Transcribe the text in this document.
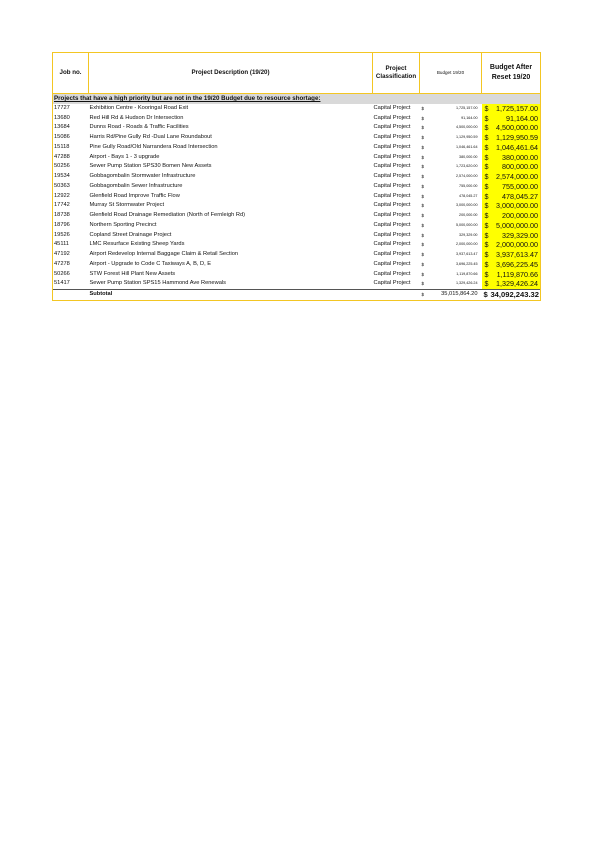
Job no.	Project Description (19/20)	Project Classification	Budget 19/20	Budget After Reset 19/20
Projects that have a high priority but are not in the 19/20 Budget due to resource shortage:				
17727	Exhibition Centre - Kooringal Road Exit	Capital Project	$ 1,725,157.00	$ 1,725,157.00
13680	Red Hill Rd & Hudson Dr Intersection	Capital Project	$ 91,164.00	$ 91,164.00
13684	Dunns Road - Roads & Traffic Facilities	Capital Project	$ 4,500,000.00	$ 4,500,000.00
15086	Harris Rd/Pine Gully Rd -Dual Lane Roundabout	Capital Project	$ 1,129,950.59	$ 1,129,950.59
15118	Pine Gully Road/Old Narrandera Road Intersection	Capital Project	$ 1,046,461.64	$ 1,046,461.64
47288	Airport - Bays 1 - 3 upgrade	Capital Project	$ 380,000.00	$ 380,000.00
50256	Sewer Pump Station SPS30 Bomen New Assets	Capital Project	$ 1,723,620.00	$ 800,000.00
19534	Gobbagombalin Stormwater Infrastructure	Capital Project	$ 2,574,000.00	$ 2,574,000.00
50363	Gobbagombalin Sewer Infrastructure	Capital Project	$ 755,000.00	$ 755,000.00
12922	Glenfield Road Improve Traffic Flow	Capital Project	$ 478,045.27	$ 478,045.27
17742	Murray St Stormwater Project	Capital Project	$ 3,000,000.00	$ 3,000,000.00
18738	Glenfield Road Drainage Remediation (North of Fernleigh Rd)	Capital Project	$ 200,000.00	$ 200,000.00
18796	Northern Sporting Precinct	Capital Project	$ 5,000,000.00	$ 5,000,000.00
19526	Copland Street Drainage Project	Capital Project	$ 329,329.00	$ 329,329.00
45111	LMC Resurface Existing Sheep Yards	Capital Project	$ 2,000,000.00	$ 2,000,000.00
47192	Airport Redevelop Internal Baggage Claim & Retail Section	Capital Project	$ 3,937,613.47	$ 3,937,613.47
47278	Airport - Upgrade to Code C Taxiways A, B, D, E	Capital Project	$ 3,696,225.45	$ 3,696,225.45
50266	STW Forest Hill Plant New Assets	Capital Project	$ 1,119,870.66	$ 1,119,870.66
51417	Sewer Pump Station SPS15 Hammond Ave Renewals	Capital Project	$ 1,329,426.24	$ 1,329,426.24
	Subtotal		$ 35,015,864.20	$ 34,092,243.32
